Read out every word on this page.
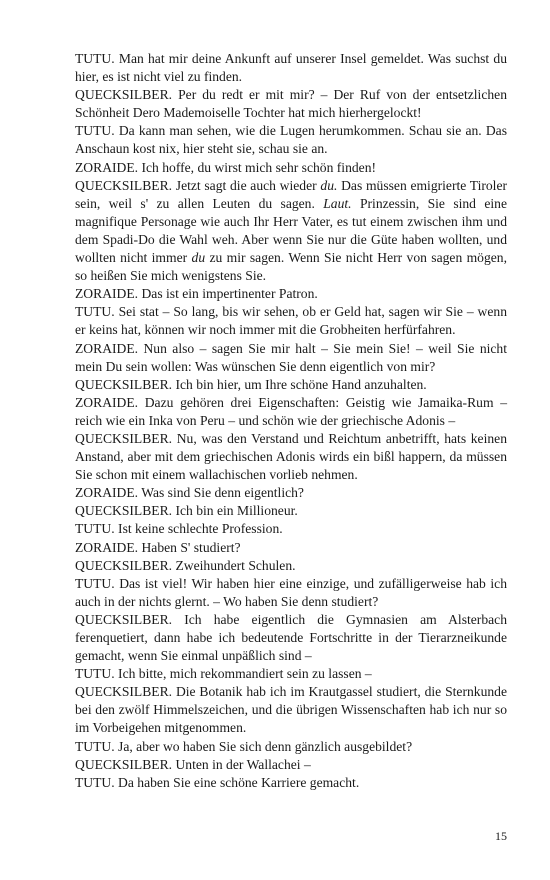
TUTU. Man hat mir deine Ankunft auf unserer Insel gemeldet. Was suchst du hier, es ist nicht viel zu finden.

QUECKSILBER. Per du redt er mit mir? – Der Ruf von der entsetzlichen Schönheit Dero Mademoiselle Tochter hat mich hierhergelockt!

TUTU. Da kann man sehen, wie die Lugen herumkommen. Schau sie an. Das Anschaun kost nix, hier steht sie, schau sie an.

ZORAIDE. Ich hoffe, du wirst mich sehr schön finden!

QUECKSILBER. Jetzt sagt die auch wieder du. Das müssen emigrierte Tiroler sein, weil s' zu allen Leuten du sagen. Laut. Prinzessin, Sie sind eine magnifique Personage wie auch Ihr Herr Vater, es tut einem zwischen ihm und dem Spadi-Do die Wahl weh. Aber wenn Sie nur die Güte haben wollten, und wollten nicht immer du zu mir sagen. Wenn Sie nicht Herr von sagen mögen, so heißen Sie mich wenigstens Sie.

ZORAIDE. Das ist ein impertinenter Patron.

TUTU. Sei stat – So lang, bis wir sehen, ob er Geld hat, sagen wir Sie – wenn er keins hat, können wir noch immer mit die Grobheiten herfürfahren.

ZORAIDE. Nun also – sagen Sie mir halt – Sie mein Sie! – weil Sie nicht mein Du sein wollen: Was wünschen Sie denn eigentlich von mir?

QUECKSILBER. Ich bin hier, um Ihre schöne Hand anzuhalten.

ZORAIDE. Dazu gehören drei Eigenschaften: Geistig wie Jamaika-Rum – reich wie ein Inka von Peru – und schön wie der griechische Adonis –

QUECKSILBER. Nu, was den Verstand und Reichtum anbetrifft, hats keinen Anstand, aber mit dem griechischen Adonis wirds ein bißl happern, da müssen Sie schon mit einem wallachischen vorlieb nehmen.

ZORAIDE. Was sind Sie denn eigentlich?

QUECKSILBER. Ich bin ein Millioneur.

TUTU. Ist keine schlechte Profession.

ZORAIDE. Haben S' studiert?

QUECKSILBER. Zweihundert Schulen.

TUTU. Das ist viel! Wir haben hier eine einzige, und zufälligerweise hab ich auch in der nichts glernt. – Wo haben Sie denn studiert?

QUECKSILBER. Ich habe eigentlich die Gymnasien am Alsterbach ferenquetiert, dann habe ich bedeutende Fortschritte in der Tierarzneikunde gemacht, wenn Sie einmal unpäßlich sind –

TUTU. Ich bitte, mich rekommandiert sein zu lassen –

QUECKSILBER. Die Botanik hab ich im Krautgassel studiert, die Sternkunde bei den zwölf Himmelszeichen, und die übrigen Wissenschaften hab ich nur so im Vorbeigehen mitgenommen.

TUTU. Ja, aber wo haben Sie sich denn gänzlich ausgebildet?

QUECKSILBER. Unten in der Wallachei –

TUTU. Da haben Sie eine schöne Karriere gemacht.

15
